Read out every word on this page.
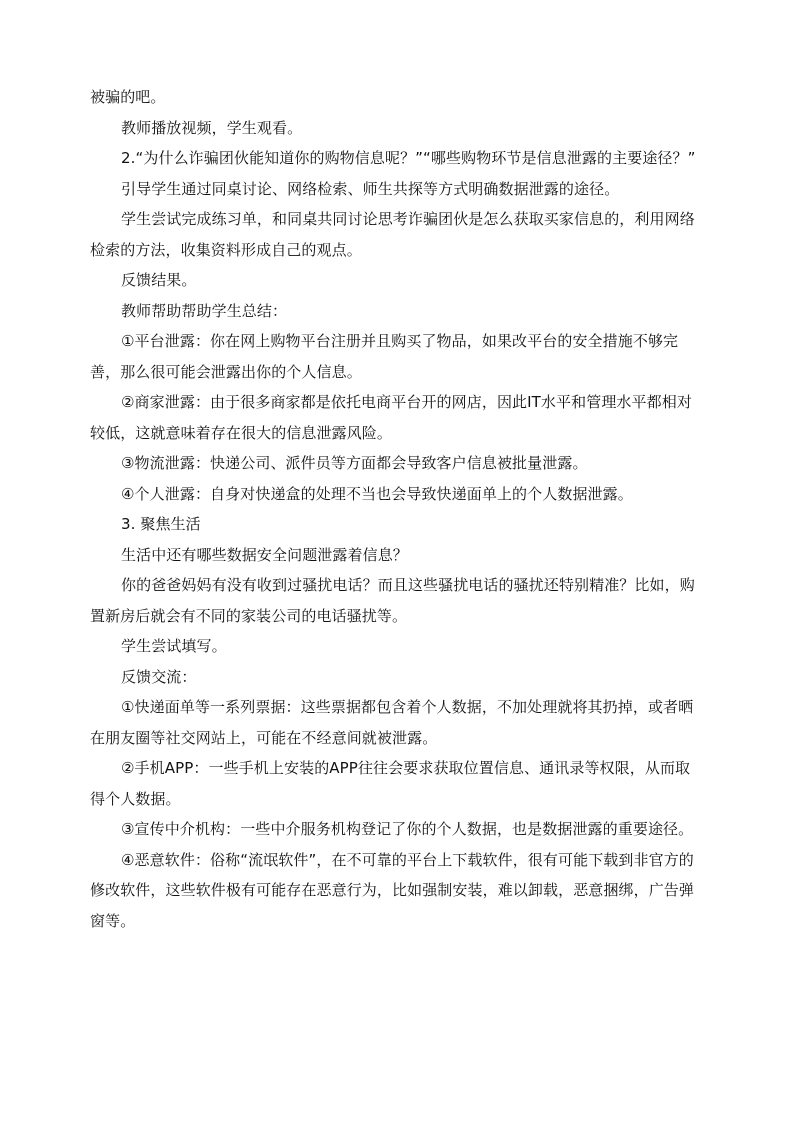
被骗的吧。

教师播放视频，学生观看。

2.“为什么诈骗团伙能知道你的购物信息呢？”“哪些购物环节是信息泄露的主要途径？”

引导学生通过同桌讨论、网络检索、师生共探等方式明确数据泄露的途径。

学生尝试完成练习单，和同桌共同讨论思考诈骗团伙是怎么获取买家信息的，利用网络检索的方法，收集资料形成自己的观点。

反馈结果。

教师帮助帮助学生总结：

①平台泄露：你在网上购物平台注册并且购买了物品，如果改平台的安全措施不够完善，那么很可能会泄露出你的个人信息。

②商家泄露：由于很多商家都是依托电商平台开的网店，因此IT水平和管理水平都相对较低，这就意味着存在很大的信息泄露风险。

③物流泄露：快递公司、派件员等方面都会导致客户信息被批量泄露。

④个人泄露：自身对快递盒的处理不当也会导致快递面单上的个人数据泄露。

3. 聚焦生活

生活中还有哪些数据安全问题泄露着信息？

你的爸爸妈妈有没有收到过骚扰电话？而且这些骚扰电话的骚扰还特别精准？比如，购置新房后就会有不同的家装公司的电话骚扰等。

学生尝试填写。

反馈交流：

①快递面单等一系列票据：这些票据都包含着个人数据，不加处理就将其扔掉，或者晒在朋友圈等社交网站上，可能在不经意间就被泄露。

②手机APP：一些手机上安装的APP往往会要求获取位置信息、通讯录等权限，从而取得个人数据。

③宣传中介机构：一些中介服务机构登记了你的个人数据，也是数据泄露的重要途径。

④恶意软件：俗称“流氓软件”，在不可靠的平台上下载软件，很有可能下载到非官方的修改软件，这些软件极有可能存在恶意行为，比如强制安装，难以卸载，恶意捆绑，广告弹窗等。
